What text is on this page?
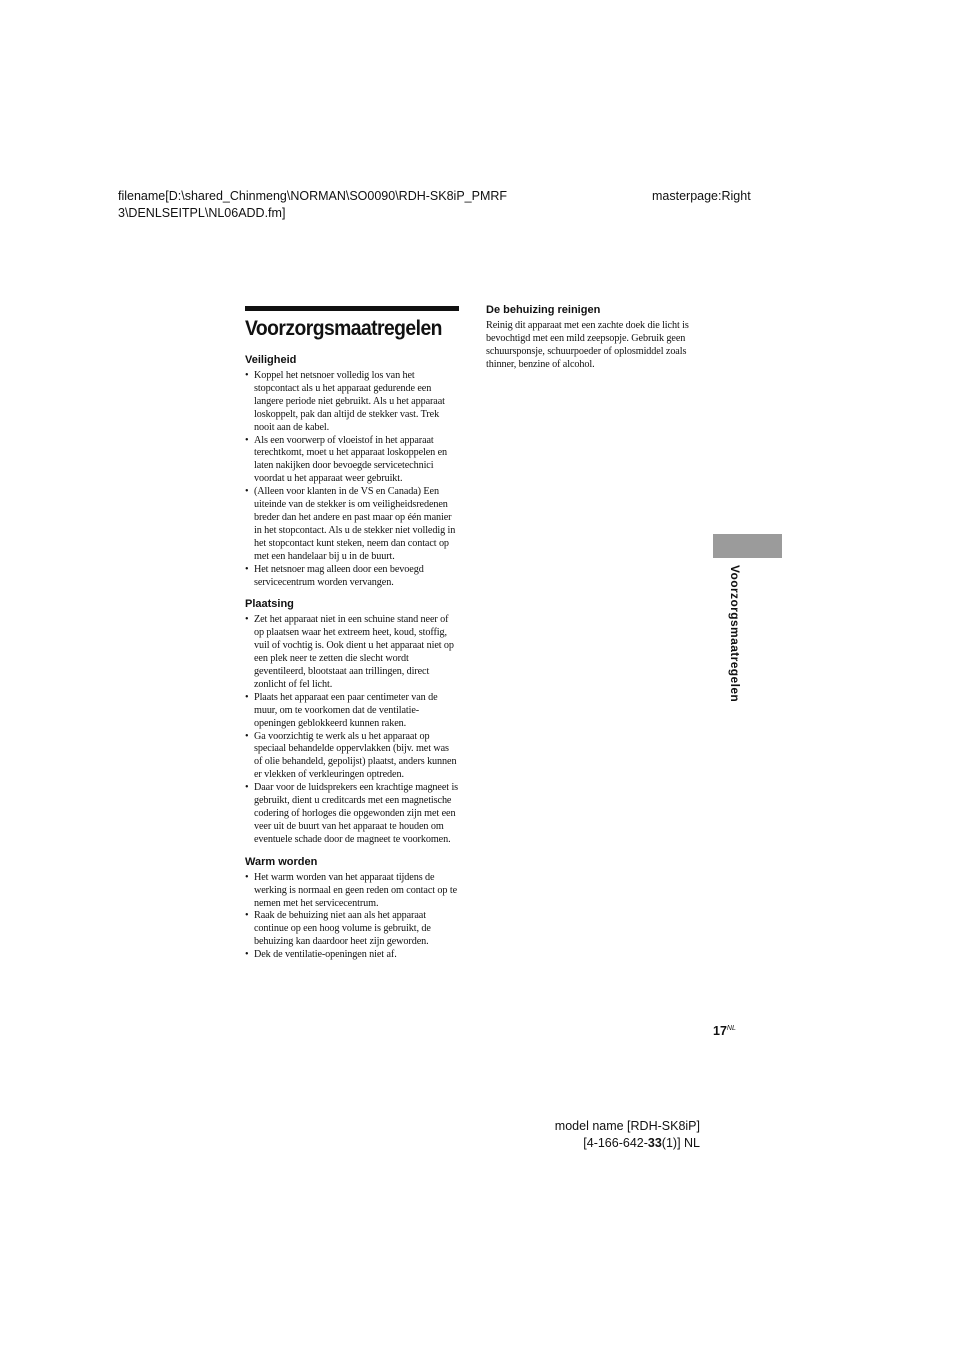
filename[D:\shared_Chinmeng\NORMAN\SO0090\RDH-SK8iP_PMRF
3\DENLSEITPL\NL06ADD.fm]
masterpage:Right
Voorzorgsmaatregelen
Veiligheid
• Koppel het netsnoer volledig los van het stopcontact als u het apparaat gedurende een langere periode niet gebruikt. Als u het apparaat loskoppelt, pak dan altijd de stekker vast. Trek nooit aan de kabel.
• Als een voorwerp of vloeistof in het apparaat terechtkomt, moet u het apparaat loskoppelen en laten nakijken door bevoegde servicetechnici voordat u het apparaat weer gebruikt.
• (Alleen voor klanten in de VS en Canada) Een uiteinde van de stekker is om veiligheidsredenen breder dan het andere en past maar op één manier in het stopcontact. Als u de stekker niet volledig in het stopcontact kunt steken, neem dan contact op met een handelaar bij u in de buurt.
• Het netsnoer mag alleen door een bevoegd servicecentrum worden vervangen.
Plaatsing
• Zet het apparaat niet in een schuine stand neer of op plaatsen waar het extreem heet, koud, stoffig, vuil of vochtig is. Ook dient u het apparaat niet op een plek neer te zetten die slecht wordt geventileerd, blootstaat aan trillingen, direct zonlicht of fel licht.
• Plaats het apparaat een paar centimeter van de muur, om te voorkomen dat de ventilatie-openingen geblokkeerd kunnen raken.
• Ga voorzichtig te werk als u het apparaat op speciaal behandelde oppervlakken (bijv. met was of olie behandeld, gepolijst) plaatst, anders kunnen er vlekken of verkleuringen optreden.
• Daar voor de luidsprekers een krachtige magneet is gebruikt, dient u creditcards met een magnetische codering of horloges die opgewonden zijn met een veer uit de buurt van het apparaat te houden om eventuele schade door de magneet te voorkomen.
Warm worden
• Het warm worden van het apparaat tijdens de werking is normaal en geen reden om contact op te nemen met het servicecentrum.
• Raak de behuizing niet aan als het apparaat continue op een hoog volume is gebruikt, de behuizing kan daardoor heet zijn geworden.
• Dek de ventilatie-openingen niet af.
De behuizing reinigen
Reinig dit apparaat met een zachte doek die licht is bevochtigd met een mild zeepsopje. Gebruik geen schuursponsje, schuurpoeder of oplosmiddel zoals thinner, benzine of alcohol.
Voorzorgsmaatregelen
$17^{NL}$
model name [RDH-SK8iP]
[4-166-642-33(1)] NL
